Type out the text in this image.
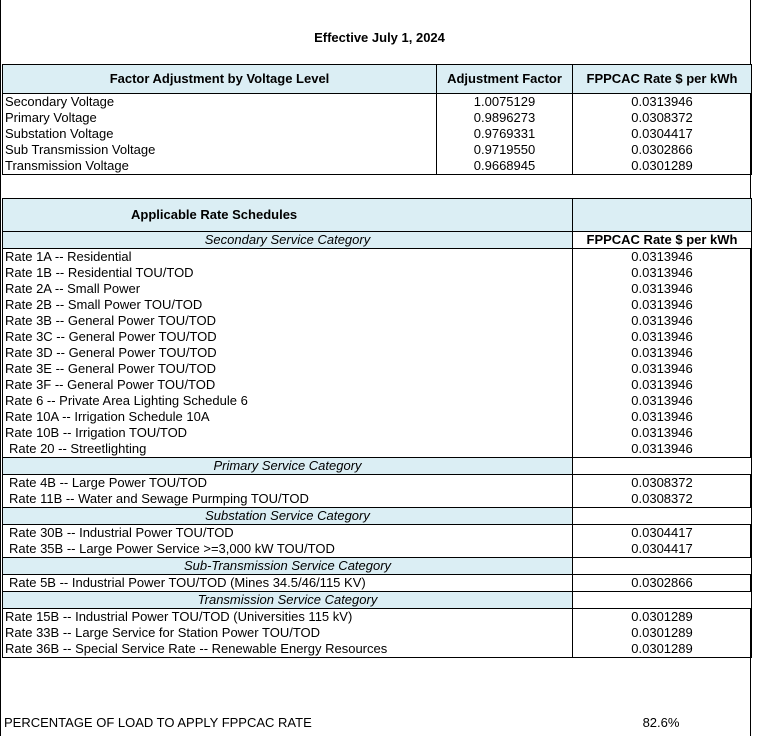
Effective July 1, 2024
Factor Adjustment by Voltage Level	Adjustment Factor	FPPCAC Rate $ per kWh
Secondary Voltage	1.0075129	0.0313946
Primary Voltage	0.9896273	0.0308372
Substation Voltage	0.9769331	0.0304417
Sub Transmission Voltage	0.9719550	0.0302866
Transmission Voltage	0.9668945	0.0301289
Applicable Rate Schedules	
Secondary Service Category	FPPCAC Rate $ per kWh
Rate 1A -- Residential	0.0313946
Rate 1B -- Residential TOU/TOD	0.0313946
Rate 2A -- Small Power	0.0313946
Rate 2B -- Small Power TOU/TOD	0.0313946
Rate 3B -- General Power TOU/TOD	0.0313946
Rate 3C -- General Power TOU/TOD	0.0313946
Rate 3D -- General Power TOU/TOD	0.0313946
Rate 3E -- General Power TOU/TOD	0.0313946
Rate 3F -- General Power TOU/TOD	0.0313946
Rate 6 -- Private Area Lighting Schedule 6	0.0313946
Rate 10A -- Irrigation Schedule 10A	0.0313946
Rate 10B -- Irrigation TOU/TOD	0.0313946
Rate 20 -- Streetlighting	0.0313946
Primary Service Category	
Rate 4B -- Large Power TOU/TOD	0.0308372
Rate 11B -- Water and Sewage Purmping TOU/TOD	0.0308372
Substation Service Category	
Rate 30B -- Industrial Power TOU/TOD	0.0304417
Rate 35B -- Large Power Service >=3,000 kW TOU/TOD	0.0304417
Sub-Transmission Service Category	
Rate 5B -- Industrial Power TOU/TOD (Mines 34.5/46/115 KV)	0.0302866
Transmission Service Category	
Rate 15B -- Industrial Power TOU/TOD (Universities 115 kV)	0.0301289
Rate 33B -- Large Service for Station Power TOU/TOD	0.0301289
Rate 36B -- Special Service Rate -- Renewable Energy Resources	0.0301289
PERCENTAGE OF LOAD TO APPLY FPPCAC RATE	82.6%
